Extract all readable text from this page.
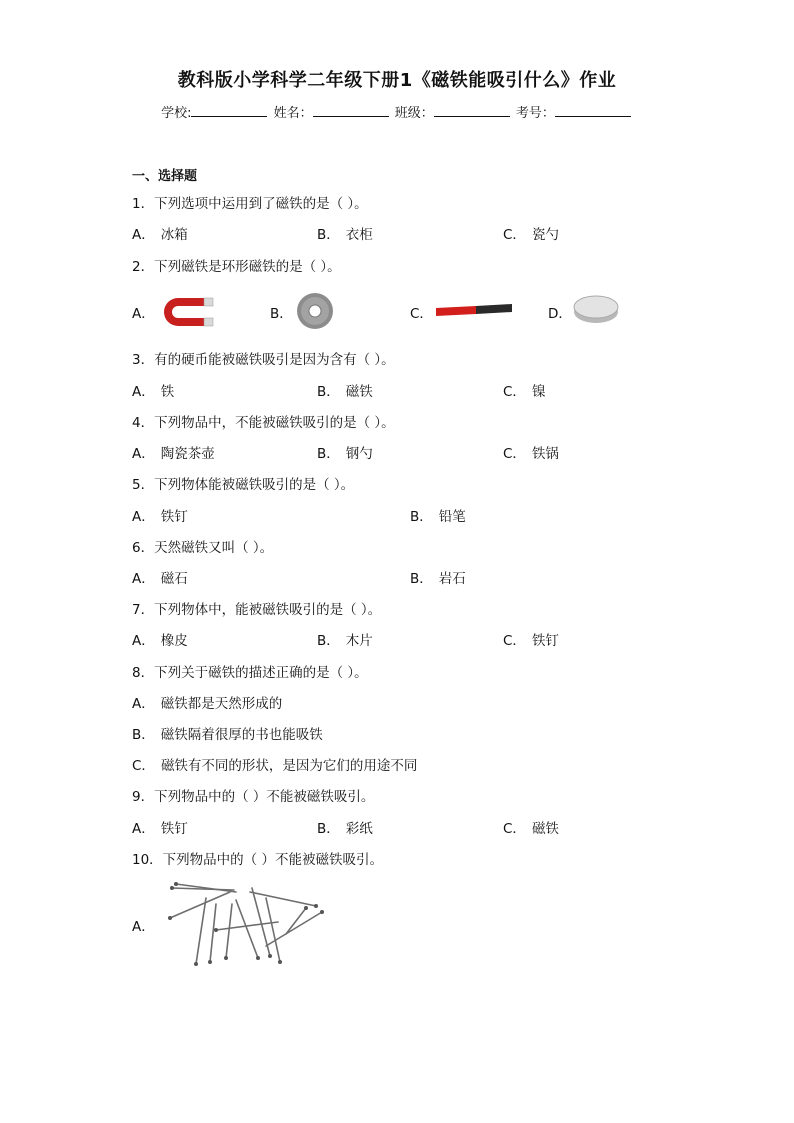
教科版小学科学二年级下册1《磁铁能吸引什么》作业
学校:	姓名：	班级：	考号：
一、选择题
1．下列选项中运用到了磁铁的是（ ）。
A． 冰箱	B． 衣柜	C． 瓷勺
2．下列磁铁是环形磁铁的是（ ）。
A．	B．	C．	D．
3．有的硬币能被磁铁吸引是因为含有（ ）。
A． 铁	B． 磁铁	C． 镍
4．下列物品中，不能被磁铁吸引的是（ ）。
A． 陶瓷茶壶	B． 钢勺	C． 铁锅
5．下列物体能被磁铁吸引的是（ ）。
A． 铁钉	B． 铅笔
6．天然磁铁又叫（ ）。
A． 磁石	B． 岩石
7．下列物体中，能被磁铁吸引的是（ ）。
A． 橡皮	B． 木片	C． 铁钉
8．下列关于磁铁的描述正确的是（ ）。
A． 磁铁都是天然形成的
B． 磁铁隔着很厚的书也能吸铁
C． 磁铁有不同的形状，是因为它们的用途不同
9．下列物品中的（ ）不能被磁铁吸引。
A． 铁钉	B． 彩纸	C． 磁铁
10．下列物品中的（ ）不能被磁铁吸引。
A．
